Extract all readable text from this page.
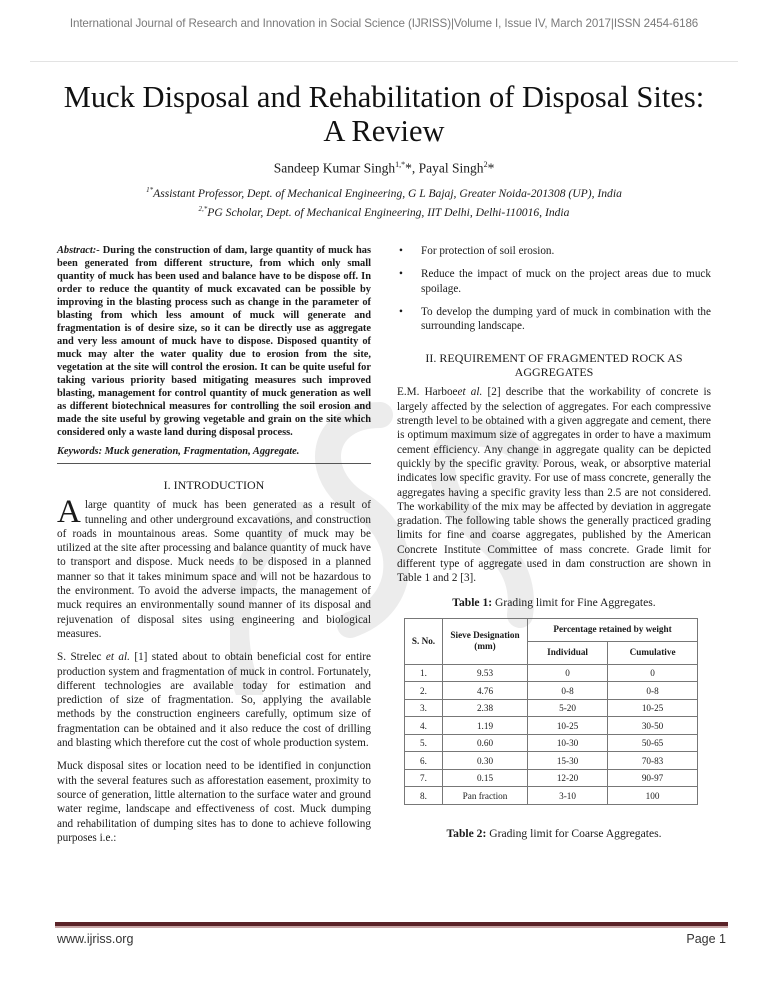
International Journal of Research and Innovation in Social Science (IJRISS)|Volume I, Issue IV, March 2017|ISSN 2454-6186
Muck Disposal and Rehabilitation of Disposal Sites:
A Review
Sandeep Kumar Singh$^{1,*}$*, Payal Singh$^2$*
$^{1*}$Assistant Professor, Dept. of Mechanical Engineering, G L Bajaj, Greater Noida-201308 (UP), India
$^{2,*}$PG Scholar, Dept. of Mechanical Engineering, IIT Delhi, Delhi-110016, India
Abstract:- During the construction of dam, large quantity of muck has been generated from different structure, from which only small quantity of muck has been used and balance have to be dispose off. In order to reduce the quantity of muck excavated can be possible by improving in the blasting process such as change in the parameter of blasting from which less amount of muck will generate and fragmentation is of desire size, so it can be directly use as aggregate and very less amount of muck have to dispose. Disposed quantity of muck may alter the water quality due to erosion from the site, vegetation at the site will control the erosion. It can be quite useful for taking various priority based mitigating measures such improved blasting, management for control quantity of muck generation as well as different biotechnical measures for controlling the soil erosion and made the site useful by growing vegetable and grain on the site which considered only a waste land during disposal process.
Keywords: Muck generation, Fragmentation, Aggregate.
I. INTRODUCTION

A large quantity of muck has been generated as a result of tunneling and other underground excavations, and construction of roads in mountainous areas. Some quantity of muck may be utilized at the site after processing and balance quantity of muck have to transport and dispose. Muck needs to be disposed in a planned manner so that it takes minimum space and will not be hazardous to the environment. To avoid the adverse impacts, the management of muck requires an environmentally sound manner of its disposal and rejuvenation of disposal sites using engineering and biological measures.

S. Strelec et al. [1] stated about to obtain beneficial cost for entire production system and fragmentation of muck in control. Fortunately, different technologies are available today for estimation and prediction of size of fragmentation. So, applying the available methods by the construction engineers carefully, optimum size of fragmentation can be obtained and it also reduce the cost of drilling and blasting which therefore cut the cost of whole production system.

Muck disposal sites or location need to be identified in conjunction with the several features such as afforestation easement, proximity to source of generation, little alternation to the surface water and ground water regime, landscape and effectiveness of cost. Muck dumping and rehabilitation of dumping sites has to done to achieve following purposes i.e.:

• For protection of soil erosion.
• Reduce the impact of muck on the project areas due to muck spoilage.
• To develop the dumping yard of muck in combination with the surrounding landscape.
II. REQUIREMENT OF FRAGMENTED ROCK AS
AGGREGATES

E.M. Harboeet al. [2] describe that the workability of concrete is largely affected by the selection of aggregates. For each compressive strength level to be obtained with a given aggregate and cement, there is optimum maximum size of aggregates in order to have a maximum cement efficiency. Any change in aggregate quality can be depicted quickly by the specific gravity. Porous, weak, or absorptive material indicates low specific gravity. For use of mass concrete, generally the aggregates having a specific gravity less than 2.5 are not considered. The workability of the mix may be affected by deviation in aggregate gradation. The following table shows the generally practiced grading limits for fine and coarse aggregates, published by the American Concrete Institute Committee of mass concrete. Grade limit for different type of aggregate used in dam construction are shown in Table 1 and 2 [3].

Table 1: Grading limit for Fine Aggregates.
S. No.	Sieve Designation (mm)	Percentage retained by weight	
		Individual	Cumulative
1.	9.53	0	0
2.	4.76	0-8	0-8
3.	2.38	5-20	10-25
4.	1.19	10-25	30-50
5.	0.60	10-30	50-65
6.	0.30	15-30	70-83
7.	0.15	12-20	90-97
8.	Pan fraction	3-10	100
Table 2: Grading limit for Coarse Aggregates.
www.ijriss.org	Page 1
